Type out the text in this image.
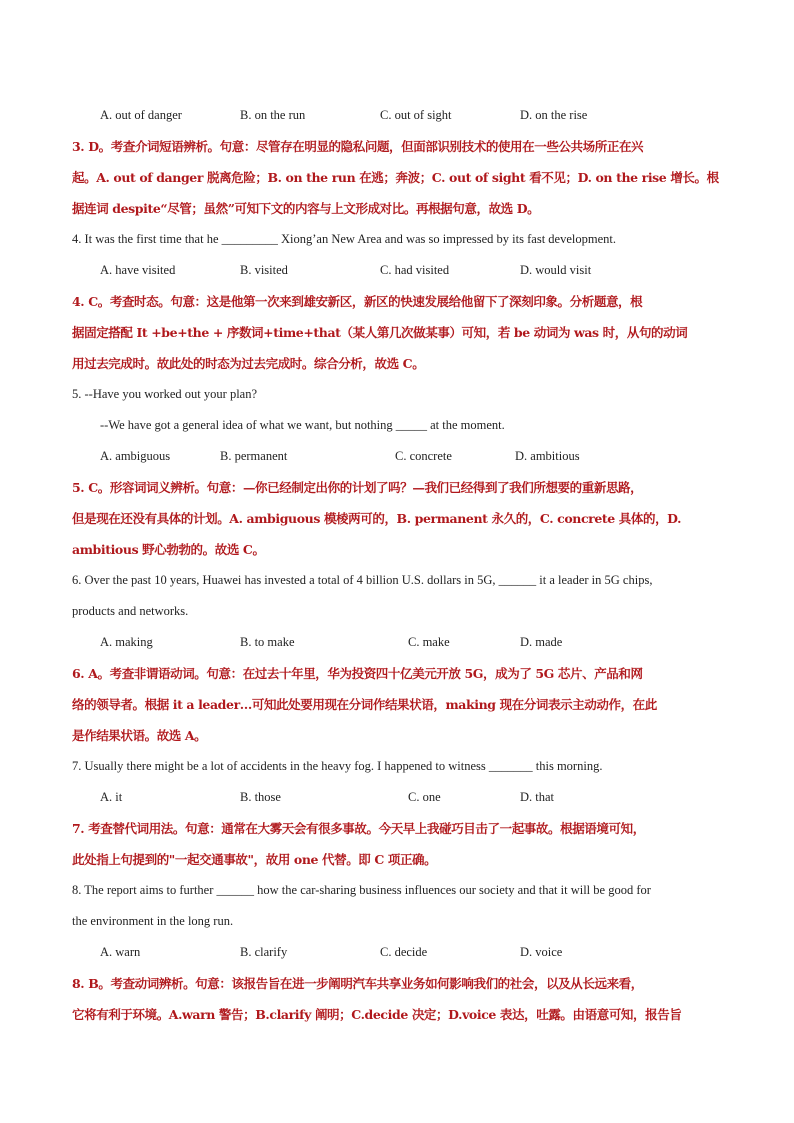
A. out of danger	B. on the run	C. out of sight	D. on the rise

3. D。考查介词短语辨析。句意：尽管存在明显的隐私问题，但面部识别技术的使用在一些公共场所正在兴

起。A. out of danger 脱离危险；B. on the run 在逃；奔波；C. out of sight 看不见；D. on the rise 增长。根

据连词 despite“尽管；虽然”可知下文的内容与上文形成对比。再根据句意，故选 D。

4. It was the first time that he _________ Xiong’an New Area and was so impressed by its fast development.

A. have visited	B. visited	C. had visited	D. would visit

4. C。考查时态。句意：这是他第一次来到雄安新区，新区的快速发展给他留下了深刻印象。分析题意，根

据固定搭配 It +be+the + 序数词+time+that（某人第几次做某事）可知，若 be 动词为 was 时，从句的动词

用过去完成时。故此处的时态为过去完成时。综合分析，故选 C。

5. --Have you worked out your plan?

--We have got a general idea of what we want, but nothing _____ at the moment.

A. ambiguous	B. permanent	C. concrete	D. ambitious

5. C。形容词词义辨析。句意：—你已经制定出你的计划了吗？—我们已经得到了我们所想要的重新思路，

但是现在还没有具体的计划。A. ambiguous 模棱两可的，B. permanent 永久的，C. concrete 具体的，D.

ambitious 野心勃勃的。故选 C。

6. Over the past 10 years, Huawei has invested a total of 4 billion U.S. dollars in 5G, ______ it a leader in 5G chips,

products and networks.

A. making	B. to make	C. make	D. made

6. A。考查非谓语动词。句意：在过去十年里，华为投资四十亿美元开放 5G，成为了 5G 芯片、产品和网

络的领导者。根据 it a leader…可知此处要用现在分词作结果状语，making 现在分词表示主动动作，在此

是作结果状语。故选 A。

7. Usually there might be a lot of accidents in the heavy fog. I happened to witness _______ this morning.

A. it	B. those	C. one	D. that

7. 考查替代词用法。句意：通常在大雾天会有很多事故。今天早上我碰巧目击了一起事故。根据语境可知，

此处指上句提到的"一起交通事故"，故用 one 代替。即 C 项正确。

8. The report aims to further ______ how the car-sharing business influences our society and that it will be good for

the environment in the long run.

A. warn	B. clarify	C. decide	D. voice

8. B。考查动词辨析。句意：该报告旨在进一步阐明汽车共享业务如何影响我们的社会，以及从长远来看，

它将有利于环境。A.warn 警告；B.clarify 阐明；C.decide 决定；D.voice 表达，吐露。由语意可知，报告旨
